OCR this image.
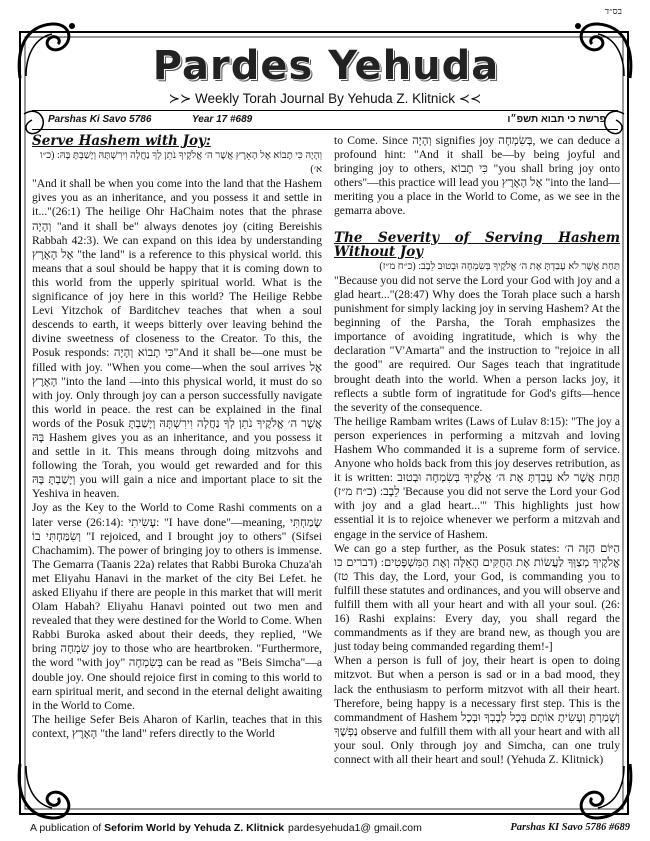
בס״ד
Pardes Yehuda
≻≻ Weekly Torah Journal By Yehuda Z. Klitnick ≺≺
Parshas Ki Savo 5786	Year 17 #689	פרשת כי תבוא תשפ״ו
Serve Hashem with Joy:
וְהָיָה כִּי תָבוֹא אֶל הָאָרֶץ אֲשֶׁר ה׳ אֱלֹקֶיךָ נֹתֵן לְךָ נַחֲלָה וִירִשְׁתָּהּ וְיָשַׁבְתָּ בָּהּ: (כ״ו א׳)

"And it shall be when you come into the land that the Hashem gives you as an inheritance, and you possess it and settle in it..."(26:1) The heilige Ohr HaChaim notes that the phrase וְהָיָה "and it shall be" always denotes joy (citing Bereishis Rabbah 42:3). We can expand on this idea by understanding אֶל הָאָרֶץ "the land" is a reference to this physical world. this means that a soul should be happy that it is coming down to this world from the upperly spiritual world. What is the significance of joy here in this world? The Heilige Rebbe Levi Yitzchok of Barditchev teaches that when a soul descends to earth, it weeps bitterly over leaving behind the divine sweetness of closeness to the Creator. To this, the Posuk responds: כִּי תָבוֹא וְהָיָה"And it shall be—one must be filled with joy. "When you come—when the soul arrives אֶל הָאָרֶץ "into the land —into this physical world, it must do so with joy. Only through joy can a person successfully navigate this world in peace. the rest can be explained in the final words of the Posuk אֲשֶׁר ה׳ אֱלֹקֶיךָ נֹתֵן לְךָ נַחֲלָה וִירִשְׁתָּהּ וְיָשַׁבְתָּ בָּהּ Hashem gives you as an inheritance, and you possess it and settle in it. This means through doing mitzvohs and following the Torah, you would get rewarded and for this וְיָשַׁבְתָּ בָּהּ you will gain a nice and important place to sit the Yeshiva in heaven.

Joy as the Key to the World to Come Rashi comments on a later verse (26:14): עָשִׂיתִי: "I have done"—meaning, שָׂמַחְתִּי וְשִׂמַּחְתִּי בוֹ "I rejoiced, and I brought joy to others" (Sifsei Chachamim). The power of bringing joy to others is immense. The Gemarra (Taanis 22a) relates that Rabbi Buroka Chuza'ah met Eliyahu Hanavi in the market of the city Bei Lefet. he asked Eliyahu if there are people in this market that will merit Olam Habah? Eliyahu Hanavi pointed out two men and revealed that they were destined for the World to Come. When Rabbi Buroka asked about their deeds, they replied, "We bring שִׂמְחָה joy to those who are heartbroken. "Furthermore, the word "with joy" בְּשִׂמְחָה can be read as "Beis Simcha"—a double joy. One should rejoice first in coming to this world to earn spiritual merit, and second in the eternal delight awaiting in the World to Come.

The heilige Sefer Beis Aharon of Karlin, teaches that in this context, הָאָרֶץ "the land" refers directly to the World

to Come. Since וְהָיָה signifies joy בְּשִׂמְחָה, we can deduce a profound hint: "And it shall be—by being joyful and bringing joy to others, כִּי תָבוֹא "you shall bring joy onto others"—this practice will lead you אֶל הָאָרֶץ "into the land—meriting you a place in the World to Come, as we see in the gemarra above.

The Severity of Serving Hashem Without Joy
תַּחַת אֲשֶׁר לֹא עָבַדְתָּ אֶת ה׳ אֱלֹקֶיךָ בְּשִׂמְחָה וּבְטוּב לֵבָב: (כ״ח מ״ז)

"Because you did not serve the Lord your God with joy and a glad heart..."(28:47) Why does the Torah place such a harsh punishment for simply lacking joy in serving Hashem? At the beginning of the Parsha, the Torah emphasizes the importance of avoiding ingratitude, which is why the declaration "V'Amarta" and the instruction to "rejoice in all the good" are required. Our Sages teach that ingratitude brought death into the world. When a person lacks joy, it reflects a subtle form of ingratitude for God's gifts—hence the severity of the consequence.

The heilige Rambam writes (Laws of Lulav 8:15): "The joy a person experiences in performing a mitzvah and loving Hashem Who commanded it is a supreme form of service. Anyone who holds back from this joy deserves retribution, as it is written: תַּחַת אֲשֶׁר לֹא עָבַדְתָּ אֶת ה׳ אֱלֹקֶיךָ בְּשִׂמְחָה וּבְטוּב לֵבָב: (כ״ח מ״ז) 'Because you did not serve the Lord your God with joy and a glad heart...'" This highlights just how essential it is to rejoice whenever we perform a mitzvah and engage in the service of Hashem.

We can go a step further, as the Posuk states: הַיּוֹם הַזֶּה ה׳ אֱלֹקֶיךָ מְצַוְּךָ לַעֲשׂוֹת אֶת הַחֻקִּים הָאֵלֶּה וְאֶת הַמִּשְׁפָּטִים: (דברים כו טז) This day, the Lord, your God, is commanding you to fulfill these statutes and ordinances, and you will observe and fulfill them with all your heart and with all your soul. (26: 16) Rashi explains: Every day, you shall regard the commandments as if they are brand new, as though you are just today being commanded regarding them!-]

When a person is full of joy, their heart is open to doing mitzvot. But when a person is sad or in a bad mood, they lack the enthusiasm to perform mitzvot with all their heart. Therefore, being happy is a necessary first step. This is the commandment of Hashem וְשָׁמַרְתָּ וְעָשִׂיתָ אוֹתָם בְּכָל לְבָבְךָ וּבְכָל נַפְשֶׁךָ observe and fulfill them with all your heart and with all your soul. Only through joy and Simcha, can one truly connect with all their heart and soul! (Yehuda Z. Klitnick)

A publication of Seforim World by Yehuda Z. Klitnick pardesyehuda1@ gmail.com	Parshas KI Savo 5786 #689
